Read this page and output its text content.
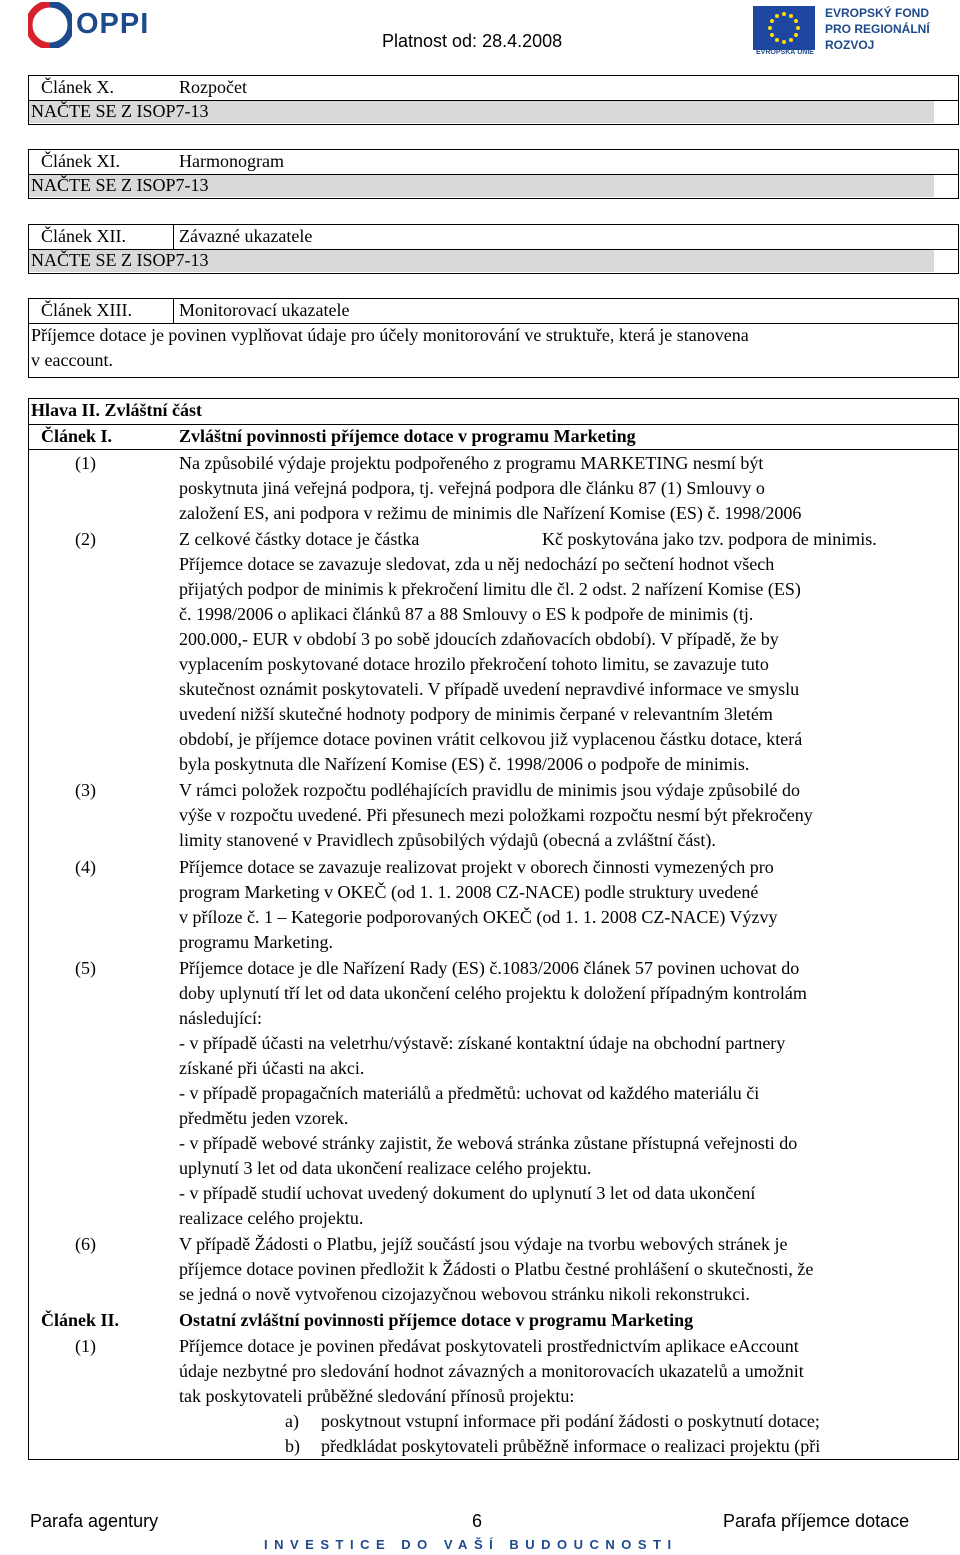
OPPI
Platnost od: 28.4.2008
EVROPSKÁ UNIE
EVROPSKÝ FOND
PRO REGIONÁLNÍ
ROZVOJ
Článek X.	Rozpočet
NAČTE SE Z ISOP7-13
Článek XI.	Harmonogram
NAČTE SE Z ISOP7-13
Článek XII.	Závazné ukazatele
NAČTE SE Z ISOP7-13
Článek XIII.	Monitorovací ukazatele
Příjemce dotace je povinen vyplňovat údaje pro účely monitorování ve struktuře, která je stanovena
v eaccount.
Hlava II. Zvláštní část
Článek I.	Zvláštní povinnosti příjemce dotace v programu Marketing
(1)	Na způsobilé výdaje projektu podpořeného z programu MARKETING nesmí být
poskytnuta jiná veřejná podpora, tj. veřejná podpora dle článku 87 (1) Smlouvy o
založení ES, ani podpora v režimu de minimis dle Nařízení Komise (ES) č. 1998/2006
(2)	Z celkové částky dotace je částka	Kč poskytována jako tzv. podpora de minimis.
Příjemce dotace se zavazuje sledovat, zda u něj nedochází po sečtení hodnot všech
přijatých podpor de minimis k překročení limitu dle čl. 2 odst. 2 nařízení Komise (ES)
č. 1998/2006 o aplikaci článků 87 a 88 Smlouvy o ES k podpoře de minimis (tj.
200.000,- EUR v období 3 po sobě jdoucích zdaňovacích období). V případě, že by
vyplacením poskytované dotace hrozilo překročení tohoto limitu, se zavazuje tuto
skutečnost oznámit poskytovateli. V případě uvedení nepravdivé informace ve smyslu
uvedení nižší skutečné hodnoty podpory de minimis čerpané v relevantním 3letém
období, je příjemce dotace povinen vrátit celkovou již vyplacenou částku dotace, která
byla poskytnuta dle Nařízení Komise (ES) č. 1998/2006 o podpoře de minimis.
(3)	V rámci položek rozpočtu podléhajících pravidlu de minimis jsou výdaje způsobilé do
výše v rozpočtu uvedené. Při přesunech mezi položkami rozpočtu nesmí být překročeny
limity stanovené v Pravidlech způsobilých výdajů (obecná a zvláštní část).
(4)	Příjemce dotace se zavazuje realizovat projekt v oborech činnosti vymezených pro
program Marketing v OKEČ (od 1. 1. 2008 CZ-NACE) podle struktury uvedené
v příloze č. 1 – Kategorie podporovaných OKEČ (od 1. 1. 2008 CZ-NACE) Výzvy
programu Marketing.
(5)	Příjemce dotace je dle Nařízení Rady (ES) č.1083/2006 článek 57 povinen uchovat do
doby uplynutí tří let od data ukončení celého projektu k doložení případným kontrolám
následující:
- v případě účasti na veletrhu/výstavě: získané kontaktní údaje na obchodní partnery
získané při účasti na akci.
- v případě propagačních materiálů a předmětů: uchovat od každého materiálu či
předmětu jeden vzorek.
- v případě webové stránky zajistit, že webová stránka zůstane přístupná veřejnosti do
uplynutí 3 let od data ukončení realizace celého projektu.
- v případě studií uchovat uvedený dokument do uplynutí 3 let od data ukončení
realizace celého projektu.
(6)	V případě Žádosti o Platbu, jejíž součástí jsou výdaje na tvorbu webových stránek je
příjemce dotace povinen předložit k Žádosti o Platbu čestné prohlášení o skutečnosti, že
se jedná o nově vytvořenou cizojazyčnou webovou stránku nikoli rekonstrukci.
Článek II.	Ostatní zvláštní povinnosti příjemce dotace v programu Marketing
(1)	Příjemce dotace je povinen předávat poskytovateli prostřednictvím aplikace eAccount
údaje nezbytné pro sledování hodnot závazných a monitorovacích ukazatelů a umožnit
tak poskytovateli průběžné sledování přínosů projektu:
a) poskytnout vstupní informace při podání žádosti o poskytnutí dotace;
b) předkládat poskytovateli průběžně informace o realizaci projektu (při
Parafa agentury	6	Parafa příjemce dotace
INVESTICE DO VAŠÍ BUDOUCNOSTI
